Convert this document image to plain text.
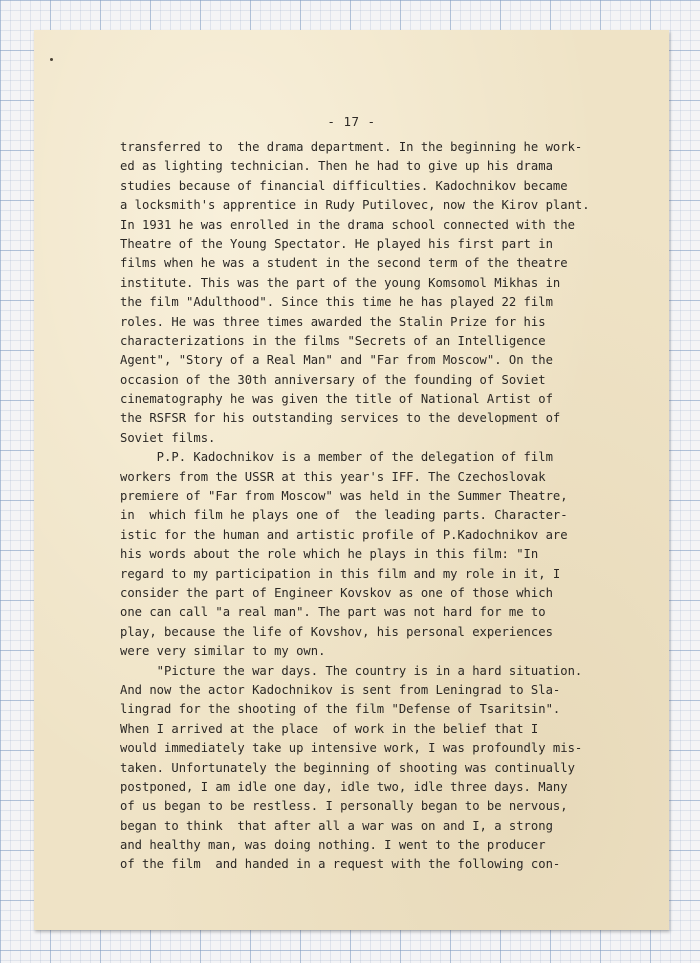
- 17 -
transferred to  the drama department. In the beginning he work-
ed as lighting technician. Then he had to give up his drama
studies because of financial difficulties. Kadochnikov became
a locksmith's apprentice in Rudy Putilovec, now the Kirov plant.
In 1931 he was enrolled in the drama school connected with the
Theatre of the Young Spectator. He played his first part in
films when he was a student in the second term of the theatre
institute. This was the part of the young Komsomol Mikhas in
the film "Adulthood". Since this time he has played 22 film
roles. He was three times awarded the Stalin Prize for his
characterizations in the films "Secrets of an Intelligence
Agent", "Story of a Real Man" and "Far from Moscow". On the
occasion of the 30th anniversary of the founding of Soviet
cinematography he was given the title of National Artist of
the RSFSR for his outstanding services to the development of
Soviet films.
P.P. Kadochnikov is a member of the delegation of film
workers from the USSR at this year's IFF. The Czechoslovak
premiere of "Far from Moscow" was held in the Summer Theatre,
in  which film he plays one of  the leading parts. Character-
istic for the human and artistic profile of P.Kadochnikov are
his words about the role which he plays in this film: "In
regard to my participation in this film and my role in it, I
consider the part of Engineer Kovskov as one of those which
one can call "a real man". The part was not hard for me to
play, because the life of Kovshov, his personal experiences
were very similar to my own.
"Picture the war days. The country is in a hard situation.
And now the actor Kadochnikov is sent from Leningrad to Sla-
lingrad for the shooting of the film "Defense of Tsaritsin".
When I arrived at the place  of work in the belief that I
would immediately take up intensive work, I was profoundly mis-
taken. Unfortunately the beginning of shooting was continually
postponed, I am idle one day, idle two, idle three days. Many
of us began to be restless. I personally began to be nervous,
began to think  that after all a war was on and I, a strong
and healthy man, was doing nothing. I went to the producer
of the film  and handed in a request with the following con-
